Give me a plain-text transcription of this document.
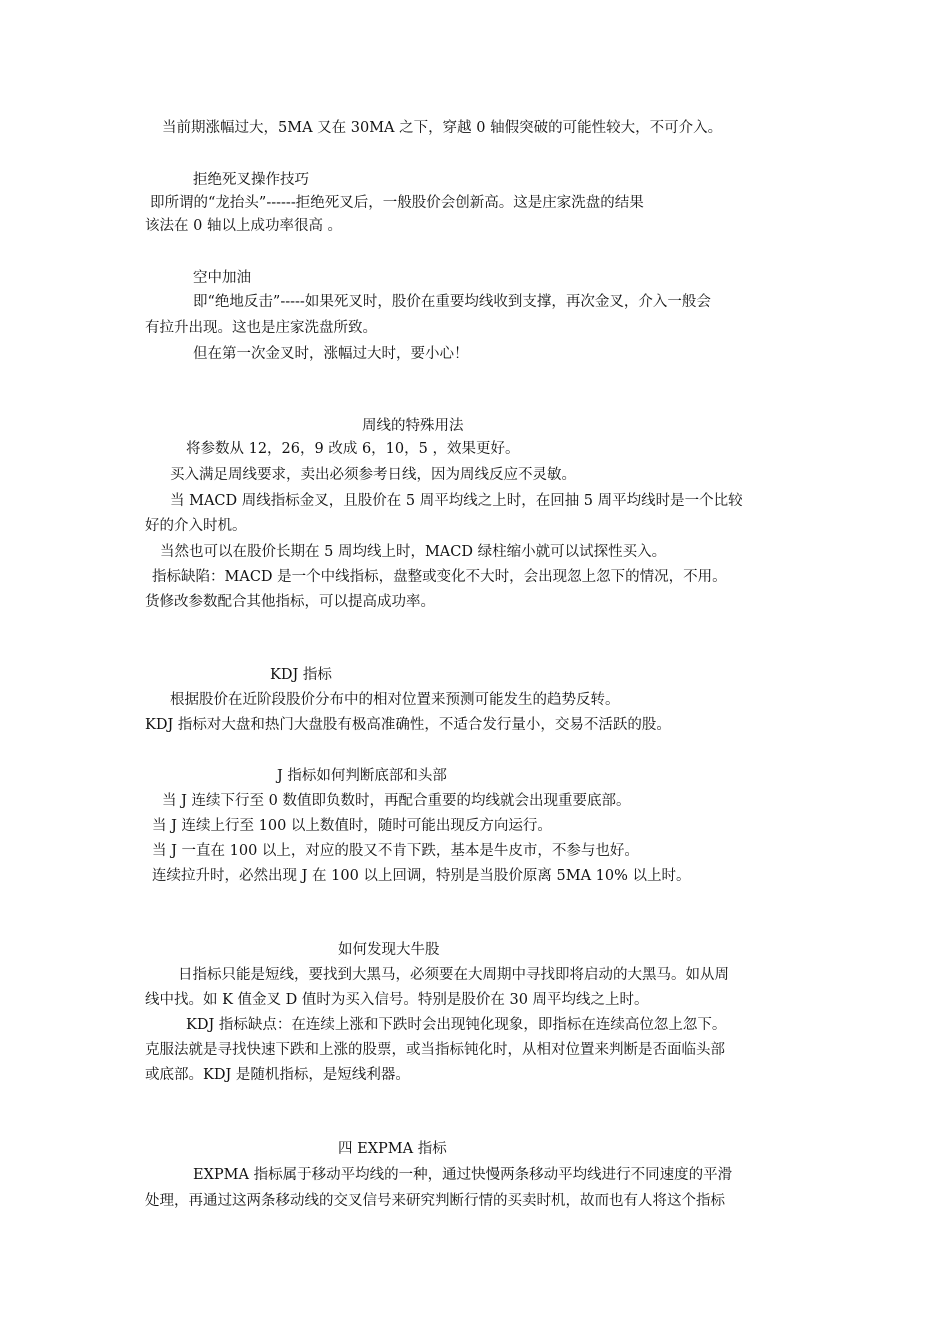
当前期涨幅过大，5MA 又在 30MA 之下，穿越 0 轴假突破的可能性较大，不可介入。
拒绝死叉操作技巧
即所谓的“龙抬头”------拒绝死叉后，一般股价会创新高。这是庄家洗盘的结果
该法在 0 轴以上成功率很高 。
空中加油
即“绝地反击”-----如果死叉时，股价在重要均线收到支撑，再次金叉，介入一般会
有拉升出现。这也是庄家洗盘所致。
但在第一次金叉时，涨幅过大时，要小心！
周线的特殊用法
将参数从 12，26，9 改成 6，10，5 ，效果更好。
买入满足周线要求，卖出必须参考日线，因为周线反应不灵敏。
当 MACD 周线指标金叉，且股价在 5 周平均线之上时，在回抽 5 周平均线时是一个比较
好的介入时机。
当然也可以在股价长期在 5 周均线上时，MACD 绿柱缩小就可以试探性买入。
指标缺陷：MACD 是一个中线指标，盘整或变化不大时，会出现忽上忽下的情况，不用。
货修改参数配合其他指标，可以提高成功率。
KDJ 指标
根据股价在近阶段股价分布中的相对位置来预测可能发生的趋势反转。
KDJ 指标对大盘和热门大盘股有极高准确性，不适合发行量小，交易不活跃的股。
J 指标如何判断底部和头部
当 J 连续下行至 0 数值即负数时，再配合重要的均线就会出现重要底部。
当 J 连续上行至 100 以上数值时，随时可能出现反方向运行。
当 J 一直在 100 以上，对应的股又不肯下跌，基本是牛皮市，不参与也好。
连续拉升时，必然出现 J 在 100 以上回调，特别是当股价原离 5MA 10% 以上时。
如何发现大牛股
日指标只能是短线，要找到大黑马，必须要在大周期中寻找即将启动的大黑马。如从周
线中找。如 K 值金叉 D 值时为买入信号。特别是股价在 30 周平均线之上时。
KDJ 指标缺点：在连续上涨和下跌时会出现钝化现象，即指标在连续高位忽上忽下。
克服法就是寻找快速下跌和上涨的股票，或当指标钝化时，从相对位置来判断是否面临头部
或底部。KDJ 是随机指标，是短线利器。
四 EXPMA 指标
EXPMA 指标属于移动平均线的一种，通过快慢两条移动平均线进行不同速度的平滑
处理，再通过这两条移动线的交叉信号来研究判断行情的买卖时机，故而也有人将这个指标
